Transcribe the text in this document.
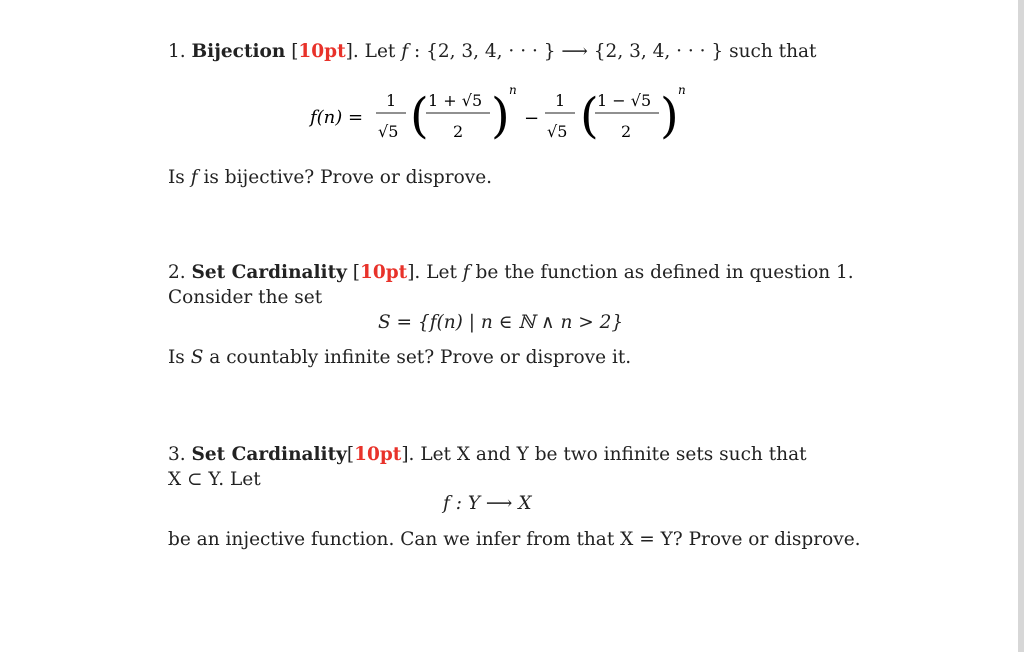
1. Bijection [10pt]. Let f : {2, 3, 4, · · · } ⟶ {2, 3, 4, · · · } such that
f(n) =
1
√5 ( 1 + √5
2 ) n
−
1
√5 (
1 − √5
2 ) n
Is f is bijective? Prove or disprove.
2. Set Cardinality [10pt]. Let f be the function as defined in question 1.
Consider the set
S = {f(n) | n ∈ ℕ ∧ n > 2}
Is S a countably infinite set? Prove or disprove it.
3. Set Cardinality[10pt]. Let X and Y be two infinite sets such that
X ⊂ Y. Let
f : Y ⟶ X
be an injective function. Can we infer from that X = Y? Prove or disprove.
